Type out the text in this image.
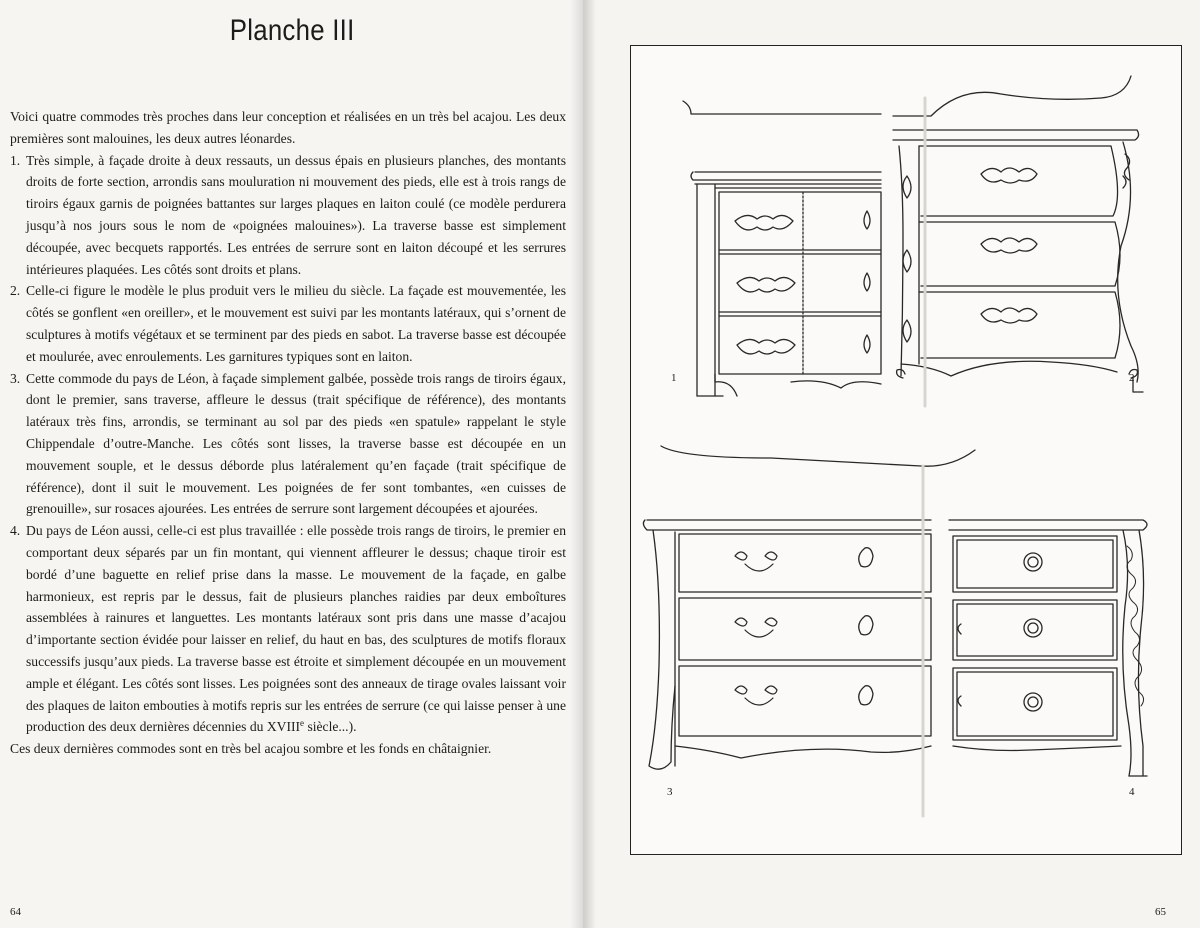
Planche III

Voici quatre commodes très proches dans leur conception et réalisées en un très bel acajou. Les deux premières sont malouines, les deux autres léonardes.

1. Très simple, à façade droite à deux ressauts, un dessus épais en plusieurs planches, des montants droits de forte section, arrondis sans mouluration ni mouvement des pieds, elle est à trois rangs de tiroirs égaux garnis de poignées battantes sur larges plaques en laiton coulé (ce modèle perdurera jusqu’à nos jours sous le nom de «poignées malouines»). La traverse basse est simplement découpée, avec becquets rapportés. Les entrées de serrure sont en laiton découpé et les serrures intérieures plaquées. Les côtés sont droits et plans.

2. Celle-ci figure le modèle le plus produit vers le milieu du siècle. La façade est mouvementée, les côtés se gonflent «en oreiller», et le mouvement est suivi par les montants latéraux, qui s’ornent de sculptures à motifs végétaux et se terminent par des pieds en sabot. La traverse basse est découpée et moulurée, avec enroulements. Les garnitures typiques sont en laiton.

3. Cette commode du pays de Léon, à façade simplement galbée, possède trois rangs de tiroirs égaux, dont le premier, sans traverse, affleure le dessus (trait spécifique de référence), des montants latéraux très fins, arrondis, se terminant au sol par des pieds «en spatule» rappelant le style Chippendale d’outre-Manche. Les côtés sont lisses, la traverse basse est découpée en un mouvement souple, et le dessus déborde plus latéralement qu’en façade (trait spécifique de référence), dont il suit le mouvement. Les poignées de fer sont tombantes, «en cuisses de grenouille», sur rosaces ajourées. Les entrées de serrure sont largement découpées et ajourées.

4. Du pays de Léon aussi, celle-ci est plus travaillée : elle possède trois rangs de tiroirs, le premier en comportant deux séparés par un fin montant, qui viennent affleurer le dessus; chaque tiroir est bordé d’une baguette en relief prise dans la masse. Le mouvement de la façade, en galbe harmonieux, est repris par le dessus, fait de plusieurs planches raidies par deux emboîtures assemblées à rainures et languettes. Les montants latéraux sont pris dans une masse d’acajou d’importante section évidée pour laisser en relief, du haut en bas, des sculptures de motifs floraux successifs jusqu’aux pieds. La traverse basse est étroite et simplement découpée en un mouvement ample et élégant. Les côtés sont lisses. Les poignées sont des anneaux de tirage ovales laissant voir des plaques de laiton embouties à motifs repris sur les entrées de serrure (ce qui laisse penser à une production des deux dernières décennies du XVIIIe siècle...).

Ces deux dernières commodes sont en très bel acajou sombre et les fonds en châtaignier.

64
1	2
3	4
65
